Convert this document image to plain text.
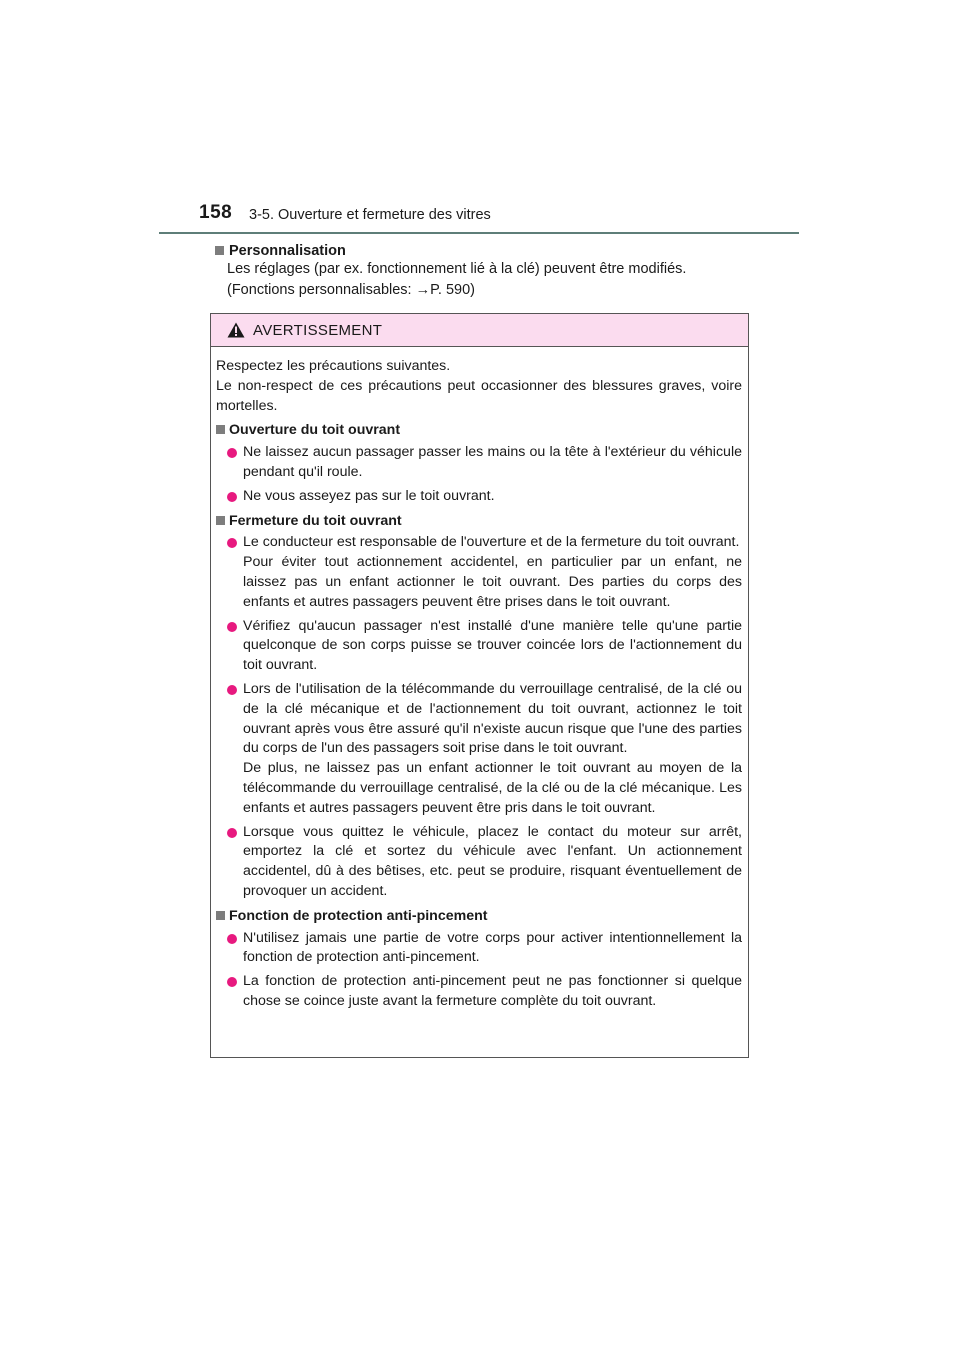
158 3-5. Ouverture et fermeture des vitres
Personnalisation
Les réglages (par ex. fonctionnement lié à la clé) peuvent être modifiés.
(Fonctions personnalisables: →P. 590)
AVERTISSEMENT

Respectez les précautions suivantes.

Le non-respect de ces précautions peut occasionner des blessures graves, voire mortelles.

Ouverture du toit ouvrant

Ne laissez aucun passager passer les mains ou la tête à l'extérieur du véhicule pendant qu'il roule.

Ne vous asseyez pas sur le toit ouvrant.

Fermeture du toit ouvrant

Le conducteur est responsable de l'ouverture et de la fermeture du toit ouvrant.

Pour éviter tout actionnement accidentel, en particulier par un enfant, ne laissez pas un enfant actionner le toit ouvrant. Des parties du corps des enfants et autres passagers peuvent être prises dans le toit ouvrant.

Vérifiez qu'aucun passager n'est installé d'une manière telle qu'une partie quelconque de son corps puisse se trouver coincée lors de l'actionnement du toit ouvrant.

Lors de l'utilisation de la télécommande du verrouillage centralisé, de la clé ou de la clé mécanique et de l'actionnement du toit ouvrant, actionnez le toit ouvrant après vous être assuré qu'il n'existe aucun risque que l'une des parties du corps de l'un des passagers soit prise dans le toit ouvrant.

De plus, ne laissez pas un enfant actionner le toit ouvrant au moyen de la télécommande du verrouillage centralisé, de la clé ou de la clé mécanique. Les enfants et autres passagers peuvent être pris dans le toit ouvrant.

Lorsque vous quittez le véhicule, placez le contact du moteur sur arrêt, emportez la clé et sortez du véhicule avec l'enfant. Un actionnement accidentel, dû à des bêtises, etc. peut se produire, risquant éventuellement de provoquer un accident.

Fonction de protection anti-pincement

N'utilisez jamais une partie de votre corps pour activer intentionnellement la fonction de protection anti-pincement.

La fonction de protection anti-pincement peut ne pas fonctionner si quelque chose se coince juste avant la fermeture complète du toit ouvrant.
